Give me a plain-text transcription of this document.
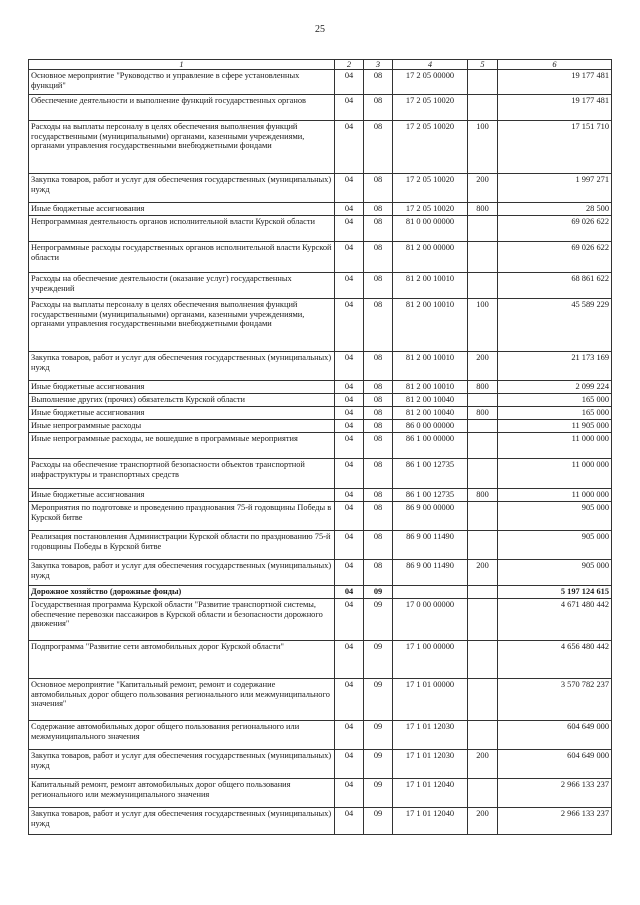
25
1	2	3	4	5	6
Основное мероприятие "Руководство и управление в сфере установленных функций"	04	08	17 2 05 00000		19 177 481
Обеспечение деятельности и выполнение функций государственных органов	04	08	17 2 05 10020		19 177 481
Расходы на выплаты персоналу в целях обеспечения выполнения функций государственными (муниципальными) органами, казенными учреждениями, органами управления государственными внебюджетными фондами	04	08	17 2 05 10020	100	17 151 710
Закупка товаров, работ и услуг для обеспечения государственных (муниципальных) нужд	04	08	17 2 05 10020	200	1 997 271
Иные бюджетные ассигнования	04	08	17 2 05 10020	800	28 500
Непрограммная деятельность органов исполнительной власти Курской области	04	08	81 0 00 00000		69 026 622
Непрограммные расходы государственных органов исполнительной власти Курской области	04	08	81 2 00 00000		69 026 622
Расходы на обеспечение деятельности (оказание услуг) государственных учреждений	04	08	81 2 00 10010		68 861 622
Расходы на выплаты персоналу в целях обеспечения выполнения функций государственными (муниципальными) органами, казенными учреждениями, органами управления государственными внебюджетными фондами	04	08	81 2 00 10010	100	45 589 229
Закупка товаров, работ и услуг для обеспечения государственных (муниципальных) нужд	04	08	81 2 00 10010	200	21 173 169
Иные бюджетные ассигнования	04	08	81 2 00 10010	800	2 099 224
Выполнение других (прочих) обязательств Курской области	04	08	81 2 00 10040		165 000
Иные бюджетные ассигнования	04	08	81 2 00 10040	800	165 000
Иные непрограммные расходы	04	08	86 0 00 00000		11 905 000
Иные непрограммные расходы, не вошедшие в программные мероприятия	04	08	86 1 00 00000		11 000 000
Расходы на обеспечение транспортной безопасности объектов транспортной инфраструктуры и транспортных средств	04	08	86 1 00 12735		11 000 000
Иные бюджетные ассигнования	04	08	86 1 00 12735	800	11 000 000
Мероприятия по подготовке и проведению празднования 75-й годовщины Победы в Курской битве	04	08	86 9 00 00000		905 000
Реализация постановления Администрации Курской области по празднованию 75-й годовщины Победы в Курской битве	04	08	86 9 00 11490		905 000
Закупка товаров, работ и услуг для обеспечения государственных (муниципальных) нужд	04	08	86 9 00 11490	200	905 000
Дорожное хозяйство (дорожные фонды)	04	09			5 197 124 615
Государственная программа Курской области "Развитие транспортной системы, обеспечение перевозки пассажиров в Курской области и безопасности дорожного движения"	04	09	17 0 00 00000		4 671 480 442
Подпрограмма "Развитие сети автомобильных дорог Курской области"	04	09	17 1 00 00000		4 656 480 442
Основное мероприятие "Капитальный ремонт, ремонт и содержание автомобильных дорог общего пользования регионального или межмуниципального значения"	04	09	17 1 01 00000		3 570 782 237
Содержание автомобильных дорог общего пользования регионального или межмуниципального значения	04	09	17 1 01 12030		604 649 000
Закупка товаров, работ и услуг для обеспечения государственных (муниципальных) нужд	04	09	17 1 01 12030	200	604 649 000
Капитальный ремонт, ремонт автомобильных дорог общего пользования регионального или межмуниципального значения	04	09	17 1 01 12040		2 966 133 237
Закупка товаров, работ и услуг для обеспечения государственных (муниципальных) нужд	04	09	17 1 01 12040	200	2 966 133 237
